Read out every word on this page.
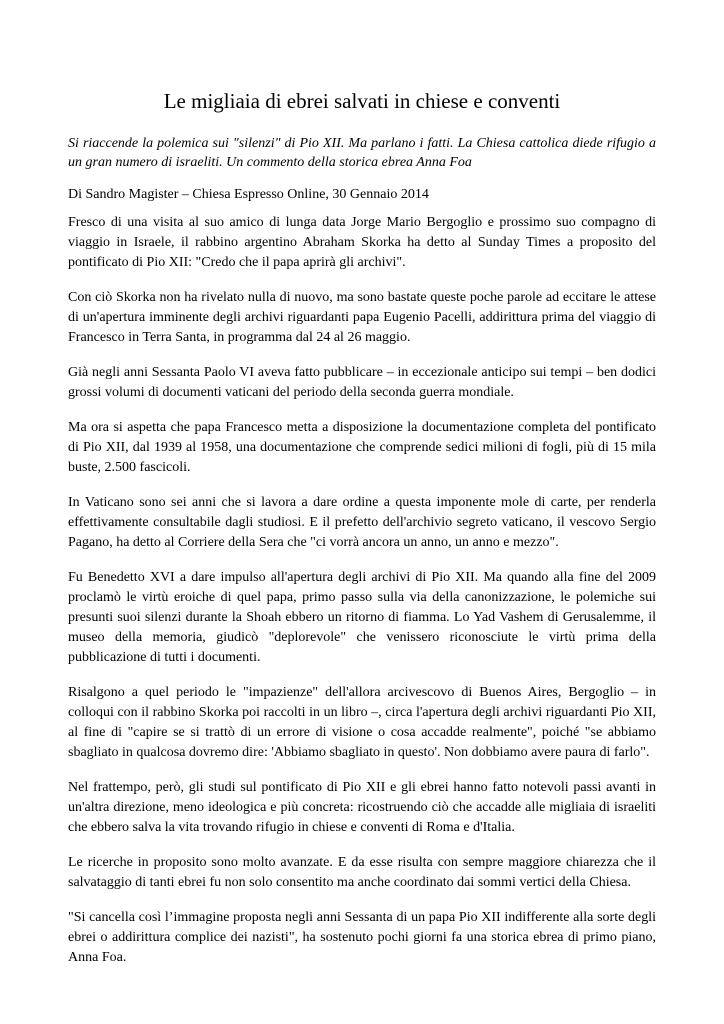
Le migliaia di ebrei salvati in chiese e conventi

Si riaccende la polemica sui "silenzi" di Pio XII. Ma parlano i fatti. La Chiesa cattolica diede rifugio a un gran numero di israeliti. Un commento della storica ebrea Anna Foa

Di Sandro Magister – Chiesa Espresso Online, 30 Gennaio 2014

Fresco di una visita al suo amico di lunga data Jorge Mario Bergoglio e prossimo suo compagno di viaggio in Israele, il rabbino argentino Abraham Skorka ha detto al Sunday Times a proposito del pontificato di Pio XII: "Credo che il papa aprirà gli archivi".

Con ciò Skorka non ha rivelato nulla di nuovo, ma sono bastate queste poche parole ad eccitare le attese di un'apertura imminente degli archivi riguardanti papa Eugenio Pacelli, addirittura prima del viaggio di Francesco in Terra Santa, in programma dal 24 al 26 maggio.

Già negli anni Sessanta Paolo VI aveva fatto pubblicare – in eccezionale anticipo sui tempi – ben dodici grossi volumi di documenti vaticani del periodo della seconda guerra mondiale.

Ma ora si aspetta che papa Francesco metta a disposizione la documentazione completa del pontificato di Pio XII, dal 1939 al 1958, una documentazione che comprende sedici milioni di fogli, più di 15 mila buste, 2.500 fascicoli.

In Vaticano sono sei anni che si lavora a dare ordine a questa imponente mole di carte, per renderla effettivamente consultabile dagli studiosi. E il prefetto dell'archivio segreto vaticano, il vescovo Sergio Pagano, ha detto al Corriere della Sera che "ci vorrà ancora un anno, un anno e mezzo".

Fu Benedetto XVI a dare impulso all'apertura degli archivi di Pio XII. Ma quando alla fine del 2009 proclamò le virtù eroiche di quel papa, primo passo sulla via della canonizzazione, le polemiche sui presunti suoi silenzi durante la Shoah ebbero un ritorno di fiamma. Lo Yad Vashem di Gerusalemme, il museo della memoria, giudicò "deplorevole" che venissero riconosciute le virtù prima della pubblicazione di tutti i documenti.

Risalgono a quel periodo le "impazienze" dell'allora arcivescovo di Buenos Aires, Bergoglio – in colloqui con il rabbino Skorka poi raccolti in un libro –, circa l'apertura degli archivi riguardanti Pio XII, al fine di "capire se si trattò di un errore di visione o cosa accadde realmente", poiché "se abbiamo sbagliato in qualcosa dovremo dire: 'Abbiamo sbagliato in questo'. Non dobbiamo avere paura di farlo".

Nel frattempo, però, gli studi sul pontificato di Pio XII e gli ebrei hanno fatto notevoli passi avanti in un'altra direzione, meno ideologica e più concreta: ricostruendo ciò che accadde alle migliaia di israeliti che ebbero salva la vita trovando rifugio in chiese e conventi di Roma e d'Italia.

Le ricerche in proposito sono molto avanzate. E da esse risulta con sempre maggiore chiarezza che il salvataggio di tanti ebrei fu non solo consentito ma anche coordinato dai sommi vertici della Chiesa.

"Si cancella così l’immagine proposta negli anni Sessanta di un papa Pio XII indifferente alla sorte degli ebrei o addirittura complice dei nazisti", ha sostenuto pochi giorni fa una storica ebrea di primo piano, Anna Foa.
